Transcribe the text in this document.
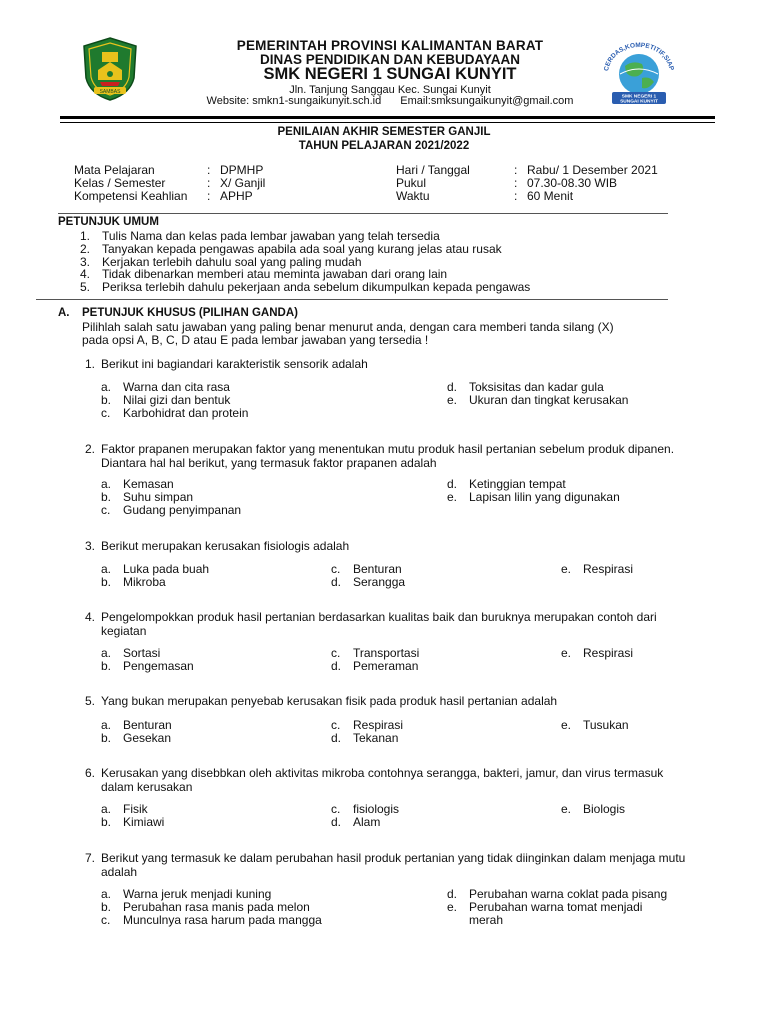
SAMBAS
CERDAS,KOMPETITIF,SIAP
SMK NEGERI 1
SUNGAI KUNYIT
PEMERINTAH PROVINSI KALIMANTAN BARAT
DINAS PENDIDIKAN DAN KEBUDAYAAN
SMK NEGERI 1 SUNGAI KUNYIT
Jln. Tanjung Sanggau Kec. Sungai Kunyit
Website: smkn1-sungaikunyit.sch.id Email:smksungaikunyit@gmail.com
PENILAIAN AKHIR SEMESTER GANJIL
TAHUN PELAJARAN 2021/2022
Mata Pelajaran	: DPMHP
Kelas / Semester	: X/ Ganjil
Kompetensi Keahlian : APHP
Hari / Tanggal	: Rabu/ 1 Desember 2021
Pukul	: 07.30-08.30 WIB
Waktu	: 60 Menit
PETUNJUK UMUM
1. Tulis Nama dan kelas pada lembar jawaban yang telah tersedia
2. Tanyakan kepada pengawas apabila ada soal yang kurang jelas atau rusak
3. Kerjakan terlebih dahulu soal yang paling mudah
4. Tidak dibenarkan memberi atau meminta jawaban dari orang lain
5. Periksa terlebih dahulu pekerjaan anda sebelum dikumpulkan kepada pengawas
A. PETUNJUK KHUSUS (PILIHAN GANDA)
Pilihlah salah satu jawaban yang paling benar menurut anda, dengan cara memberi tanda silang (X)
pada opsi A, B, C, D atau E pada lembar jawaban yang tersedia !
1. Berikut ini bagiandari karakteristik sensorik adalah
a. Warna dan cita rasa
b. Nilai gizi dan bentuk
c. Karbohidrat dan protein
d. Toksisitas dan kadar gula
e. Ukuran dan tingkat kerusakan
2. Faktor prapanen merupakan faktor yang menentukan mutu produk hasil pertanian sebelum produk dipanen. Diantara hal hal berikut, yang termasuk faktor prapanen adalah
a. Kemasan
b. Suhu simpan
c. Gudang penyimpanan
d. Ketinggian tempat
e. Lapisan lilin yang digunakan
3. Berikut merupakan kerusakan fisiologis adalah
a. Luka pada buah
b. Mikroba
c. Benturan
d. Serangga
e. Respirasi
4. Pengelompokkan produk hasil pertanian berdasarkan kualitas baik dan buruknya merupakan contoh dari kegiatan
a. Sortasi
b. Pengemasan
c. Transportasi
d. Pemeraman
e. Respirasi
5. Yang bukan merupakan penyebab kerusakan fisik pada produk hasil pertanian adalah
a. Benturan
b. Gesekan
c. Respirasi
d. Tekanan
e. Tusukan
6. Kerusakan yang disebbkan oleh aktivitas mikroba contohnya serangga, bakteri, jamur, dan virus termasuk dalam kerusakan
a. Fisik
b. Kimiawi
c. fisiologis
d. Alam
e. Biologis
7. Berikut yang termasuk ke dalam perubahan hasil produk pertanian yang tidak diinginkan dalam menjaga mutu adalah
a. Warna jeruk menjadi kuning
b. Perubahan rasa manis pada melon
c. Munculnya rasa harum pada mangga
d. Perubahan warna coklat pada pisang
e. Perubahan warna tomat menjadi merah
